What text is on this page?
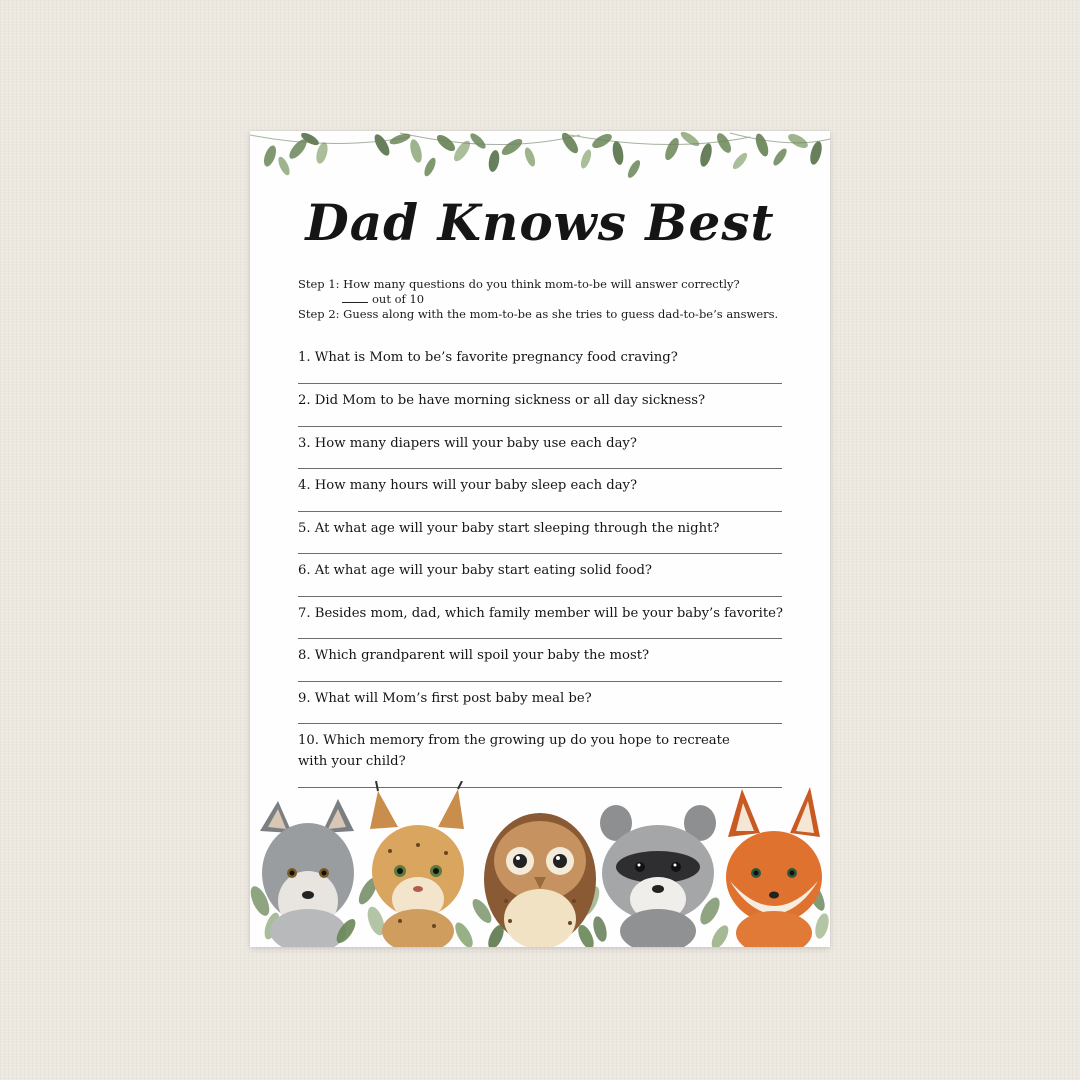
Dad Knows Best
Step 1: How many questions do you think mom-to-be will answer correctly?
out of 10
Step 2: Guess along with the mom-to-be as she tries to guess dad-to-be’s answers.
1. What is Mom to be’s favorite pregnancy food craving?
2. Did Mom to be have morning sickness or all day sickness?
3. How many diapers will your baby use each day?
4. How many hours will your baby sleep each day?
5. At what age will your baby start sleeping through the night?
6. At what age will your baby start eating solid food?
7. Besides mom, dad, which family member will be your baby’s favorite?
8. Which grandparent will spoil your baby the most?
9. What will Mom’s first post baby meal be?
10. Which memory from the growing up do you hope to recreate with your child?
